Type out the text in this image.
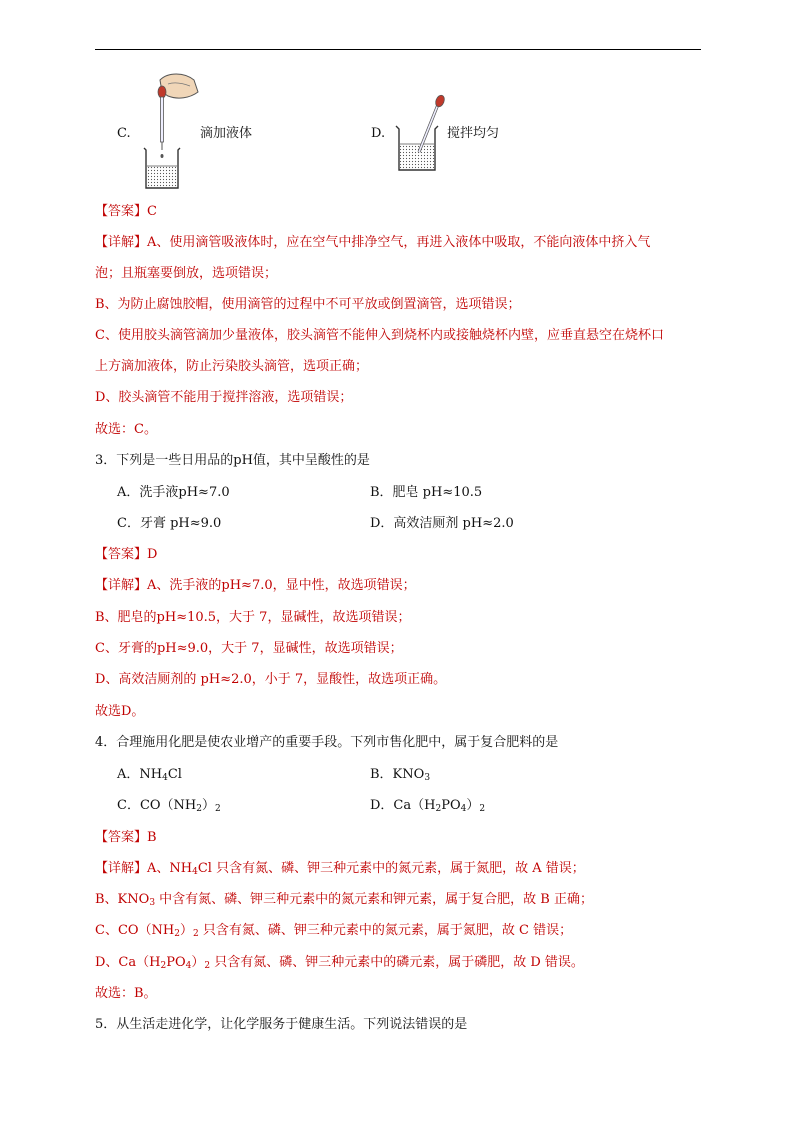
C.	滴加液体	D.	搅拌均匀
【答案】C
【详解】A、使用滴管吸液体时，应在空气中排净空气，再进入液体中吸取，不能向液体中挤入气
泡；且瓶塞要倒放，选项错误；
B、为防止腐蚀胶帽，使用滴管的过程中不可平放或倒置滴管，选项错误；
C、使用胶头滴管滴加少量液体，胶头滴管不能伸入到烧杯内或接触烧杯内壁，应垂直悬空在烧杯口
上方滴加液体，防止污染胶头滴管，选项正确；
D、胶头滴管不能用于搅拌溶液，选项错误；
故选：C。
3．下列是一些日用品的pH值，其中呈酸性的是
A．洗手液pH≈7.0	B．肥皂 pH≈10.5
C．牙膏 pH≈9.0	D．高效洁厕剂 pH≈2.0
【答案】D
【详解】A、洗手液的pH≈7.0，显中性，故选项错误；
B、肥皂的pH≈10.5，大于 7，显碱性，故选项错误；
C、牙膏的pH≈9.0，大于 7，显碱性，故选项错误；
D、高效洁厕剂的 pH≈2.0，小于 7，显酸性，故选项正确。
故选D。
4．合理施用化肥是使农业增产的重要手段。下列市售化肥中，属于复合肥料的是
A．$NH_4Cl$	B．$KNO_3$
C．$CO(NH_2)_2$	D．$Ca(H_2PO_4)_2$
【答案】B
【详解】A、$NH_4Cl$ 只含有氮、磷、钾三种元素中的氮元素，属于氮肥，故 A 错误；
B、$KNO_3$ 中含有氮、磷、钾三种元素中的氮元素和钾元素，属于复合肥，故 B 正确；
C、$CO(NH_2)_2$ 只含有氮、磷、钾三种元素中的氮元素，属于氮肥，故 C 错误；
D、$Ca(H_2PO_4)_2$ 只含有氮、磷、钾三种元素中的磷元素，属于磷肥，故 D 错误。
故选：B。
5．从生活走进化学，让化学服务于健康生活。下列说法错误的是
